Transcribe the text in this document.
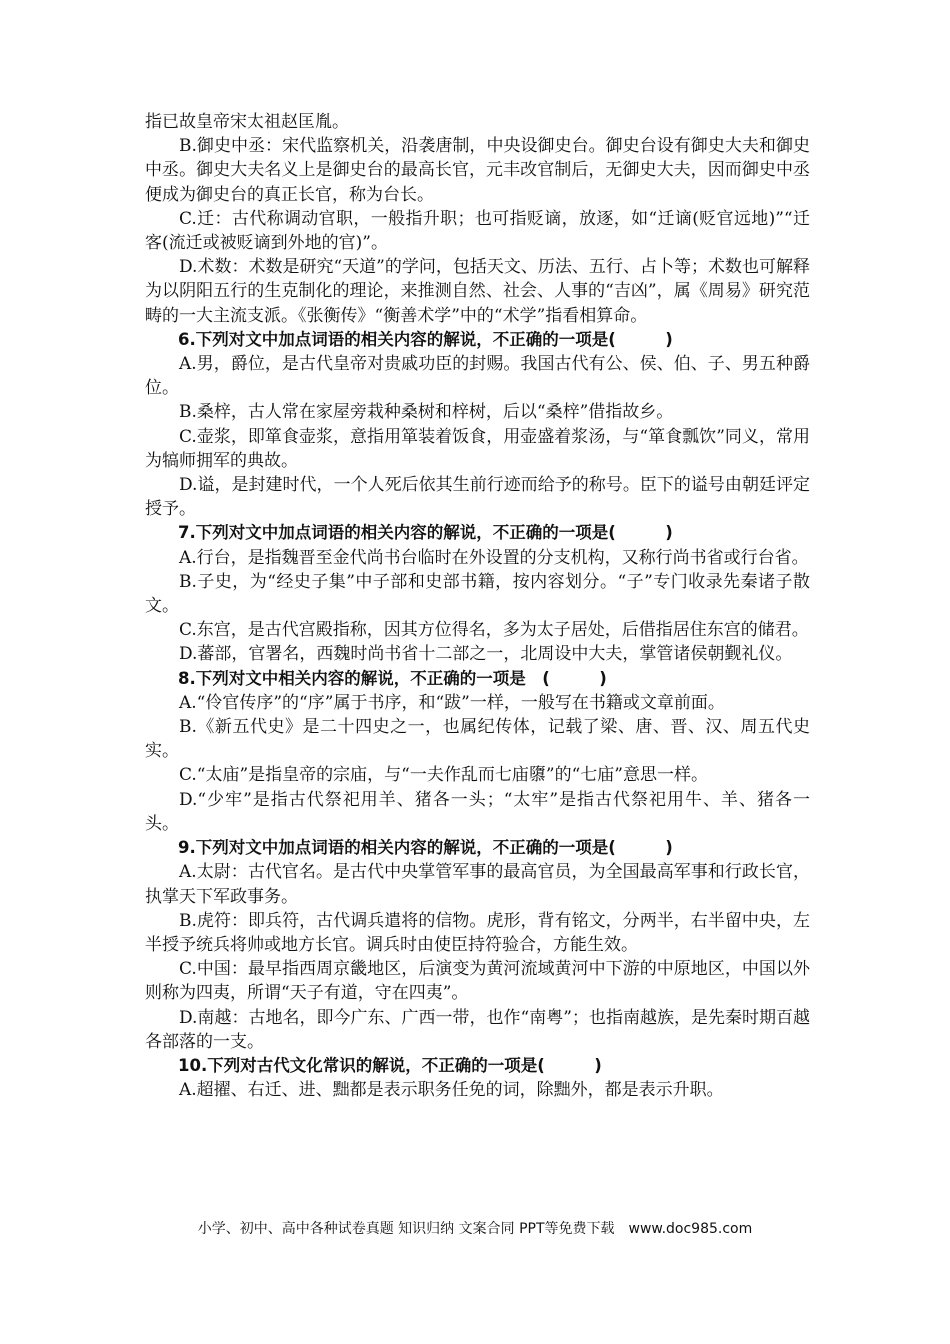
指已故皇帝宋太祖赵匡胤。

B.御史中丞：宋代监察机关，沿袭唐制，中央设御史台。御史台设有御史大夫和御史中丞。御史大夫名义上是御史台的最高长官，元丰改官制后，无御史大夫，因而御史中丞便成为御史台的真正长官，称为台长。

C.迁：古代称调动官职，一般指升职；也可指贬谪，放逐，如“迁谪(贬官远地)”“迁客(流迁或被贬谪到外地的官)”。

D.术数：术数是研究“天道”的学问，包括天文、历法、五行、占卜等；术数也可解释为以阴阳五行的生克制化的理论，来推测自然、社会、人事的“吉凶”，属《周易》研究范畴的一大主流支派。《张衡传》“衡善术学”中的“术学”指看相算命。

6.下列对文中加点词语的相关内容的解说，不正确的一项是(　　　)

A.男，爵位，是古代皇帝对贵戚功臣的封赐。我国古代有公、侯、伯、子、男五种爵位。

B.桑梓，古人常在家屋旁栽种桑树和梓树，后以“桑梓”借指故乡。

C.壶浆，即箪食壶浆，意指用箪装着饭食，用壶盛着浆汤，与“箪食瓢饮”同义，常用为犒师拥军的典故。

D.谥，是封建时代，一个人死后依其生前行迹而给予的称号。臣下的谥号由朝廷评定授予。

7.下列对文中加点词语的相关内容的解说，不正确的一项是(　　　)

A.行台，是指魏晋至金代尚书台临时在外设置的分支机构，又称行尚书省或行台省。

B.子史，为“经史子集”中子部和史部书籍，按内容划分。“子”专门收录先秦诸子散文。

C.东宫，是古代宫殿指称，因其方位得名，多为太子居处，后借指居住东宫的储君。

D.蕃部，官署名，西魏时尚书省十二部之一，北周设中大夫，掌管诸侯朝觐礼仪。

8.下列对文中相关内容的解说，不正确的一项是　(　　　)

A.“伶官传序”的“序”属于书序，和“跋”一样，一般写在书籍或文章前面。

B.《新五代史》是二十四史之一，也属纪传体，记载了梁、唐、晋、汉、周五代史实。

C.“太庙”是指皇帝的宗庙，与“一夫作乱而七庙隳”的“七庙”意思一样。

D.“少牢”是指古代祭祀用羊、猪各一头；“太牢”是指古代祭祀用牛、羊、猪各一头。

9.下列对文中加点词语的相关内容的解说，不正确的一项是(　　　)

A.太尉：古代官名。是古代中央掌管军事的最高官员，为全国最高军事和行政长官，执掌天下军政事务。

B.虎符：即兵符，古代调兵遣将的信物。虎形，背有铭文，分两半，右半留中央，左半授予统兵将帅或地方长官。调兵时由使臣持符验合，方能生效。

C.中国：最早指西周京畿地区，后演变为黄河流域黄河中下游的中原地区，中国以外则称为四夷，所谓“天子有道，守在四夷”。

D.南越：古地名，即今广东、广西一带，也作“南粤”；也指南越族，是先秦时期百越各部落的一支。

10.下列对古代文化常识的解说，不正确的一项是(　　　)

A.超擢、右迁、进、黜都是表示职务任免的词，除黜外，都是表示升职。

小学、初中、高中各种试卷真题 知识归纳 文案合同 PPT等免费下载　www.doc985.com
